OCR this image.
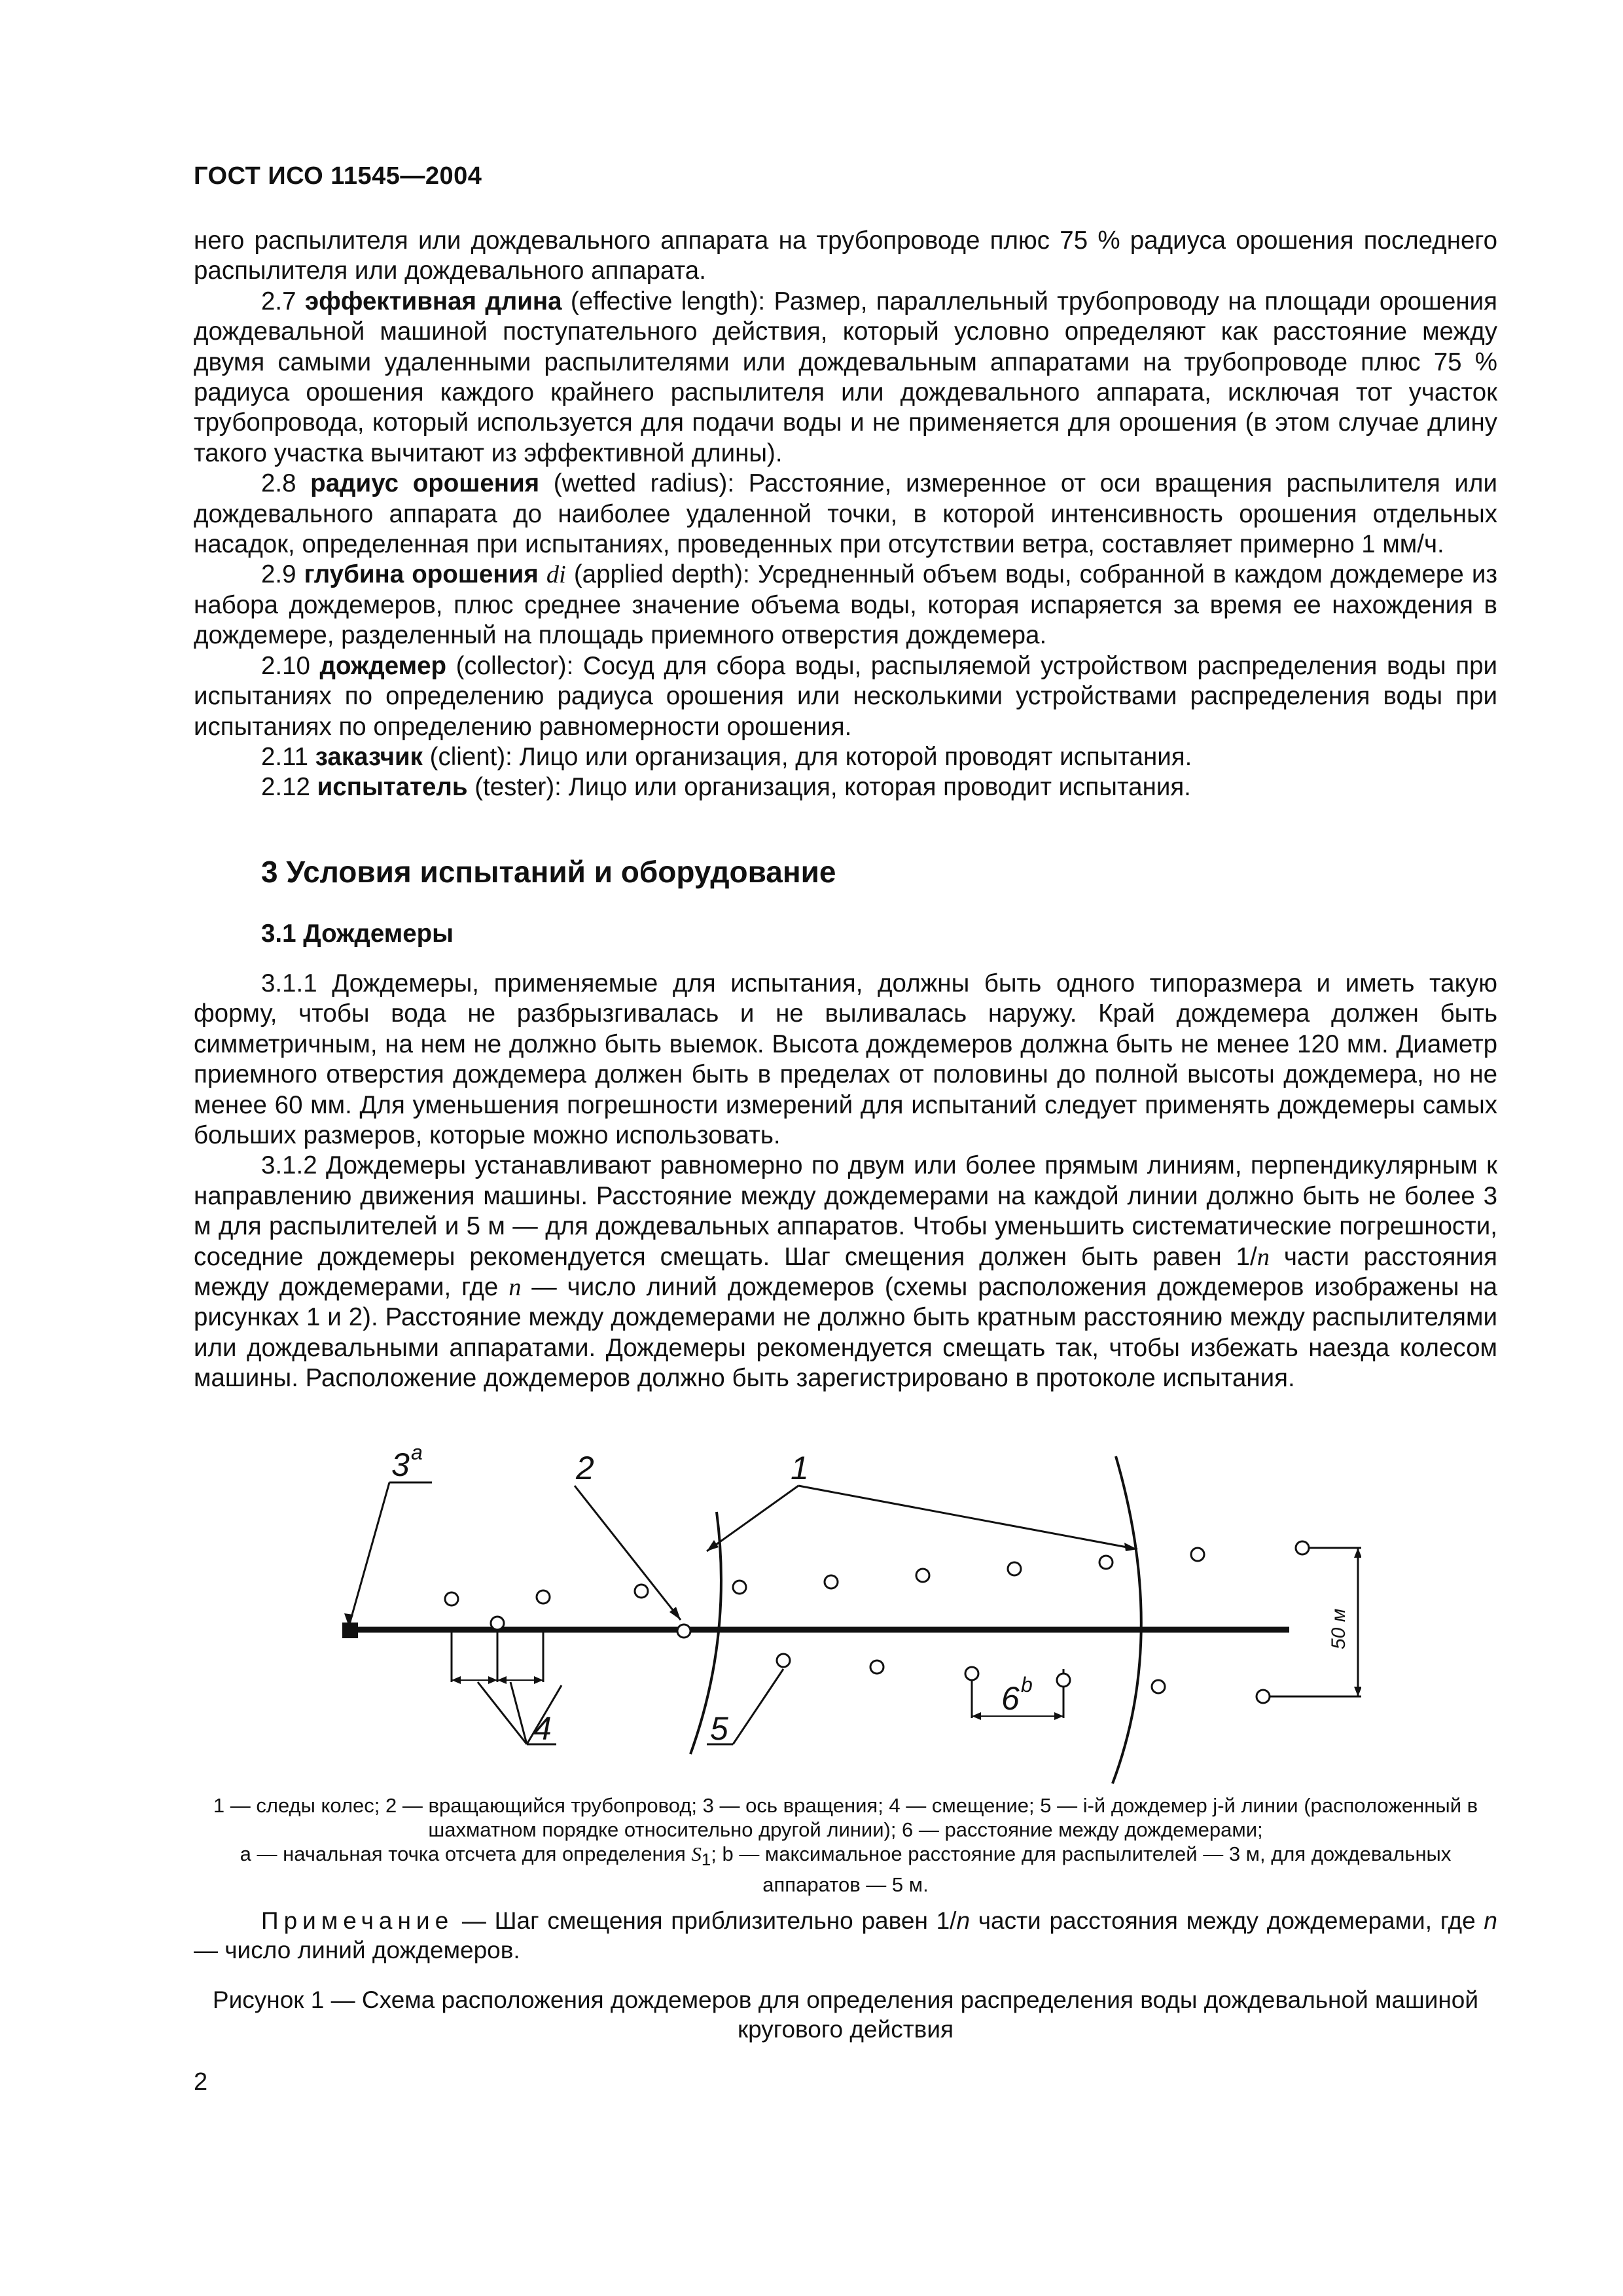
ГОСТ ИСО 11545—2004

него распылителя или дождевального аппарата на трубопроводе плюс 75 % радиуса орошения последнего распылителя или дождевального аппарата.

2.7 эффективная длина (effective length): Размер, параллельный трубопроводу на площади орошения дождевальной машиной поступательного действия, который условно определяют как расстояние между двумя самыми удаленными распылителями или дождевальным аппаратами на трубопроводе плюс 75 % радиуса орошения каждого крайнего распылителя или дождевального аппарата, исключая тот участок трубопровода, который используется для подачи воды и не применяется для орошения (в этом случае длину такого участка вычитают из эффективной длины).

2.8 радиус орошения (wetted radius): Расстояние, измеренное от оси вращения распылителя или дождевального аппарата до наиболее удаленной точки, в которой интенсивность орошения отдельных насадок, определенная при испытаниях, проведенных при отсутствии ветра, составляет примерно 1 мм/ч.

2.9 глубина орошения di (applied depth): Усредненный объем воды, собранной в каждом дождемере из набора дождемеров, плюс среднее значение объема воды, которая испаряется за время ее нахождения в дождемере, разделенный на площадь приемного отверстия дождемера.

2.10 дождемер (collector): Сосуд для сбора воды, распыляемой устройством распределения воды при испытаниях по определению радиуса орошения или несколькими устройствами распределения воды при испытаниях по определению равномерности орошения.

2.11 заказчик (client): Лицо или организация, для которой проводят испытания.

2.12 испытатель (tester): Лицо или организация, которая проводит испытания.

3 Условия испытаний и оборудование
3.1 Дождемеры

3.1.1 Дождемеры, применяемые для испытания, должны быть одного типоразмера и иметь такую форму, чтобы вода не разбрызгивалась и не выливалась наружу. Край дождемера должен быть симметричным, на нем не должно быть выемок. Высота дождемеров должна быть не менее 120 мм. Диаметр приемного отверстия дождемера должен быть в пределах от половины до полной высоты дождемера, но не менее 60 мм. Для уменьшения погрешности измерений для испытаний следует применять дождемеры самых больших размеров, которые можно использовать.

3.1.2 Дождемеры устанавливают равномерно по двум или более прямым линиям, перпендикулярным к направлению движения машины. Расстояние между дождемерами на каждой линии должно быть не более 3 м для распылителей и 5 м — для дождевальных аппаратов. Чтобы уменьшить систематические погрешности, соседние дождемеры рекомендуется смещать. Шаг смещения должен быть равен 1/n части расстояния между дождемерами, где n — число линий дождемеров (схемы расположения дождемеров изображены на рисунках 1 и 2). Расстояние между дождемерами не должно быть кратным расстоянию между распылителями или дождевальными аппаратами. Дождемеры рекомендуется смещать так, чтобы избежать наезда колесом машины. Расположение дождемеров должно быть зарегистрировано в протоколе испытания.

3 a	2	1
4	5
6 b
50 м
1 — следы колес; 2 — вращающийся трубопровод; 3 — ось вращения; 4 — смещение; 5 — i-й дождемер j-й линии (расположенный в шахматном порядке относительно другой линии); 6 — расстояние между дождемерами;
а — начальная точка отсчета для определения $S_1$; b — максимальное расстояние для распылителей — 3 м, для дождевальных аппаратов — 5 м.

Примечание — Шаг смещения приблизительно равен 1/n части расстояния между дождемерами, где n — число линий дождемеров.

Рисунок 1 — Схема расположения дождемеров для определения распределения воды дождевальной машиной кругового действия
2
